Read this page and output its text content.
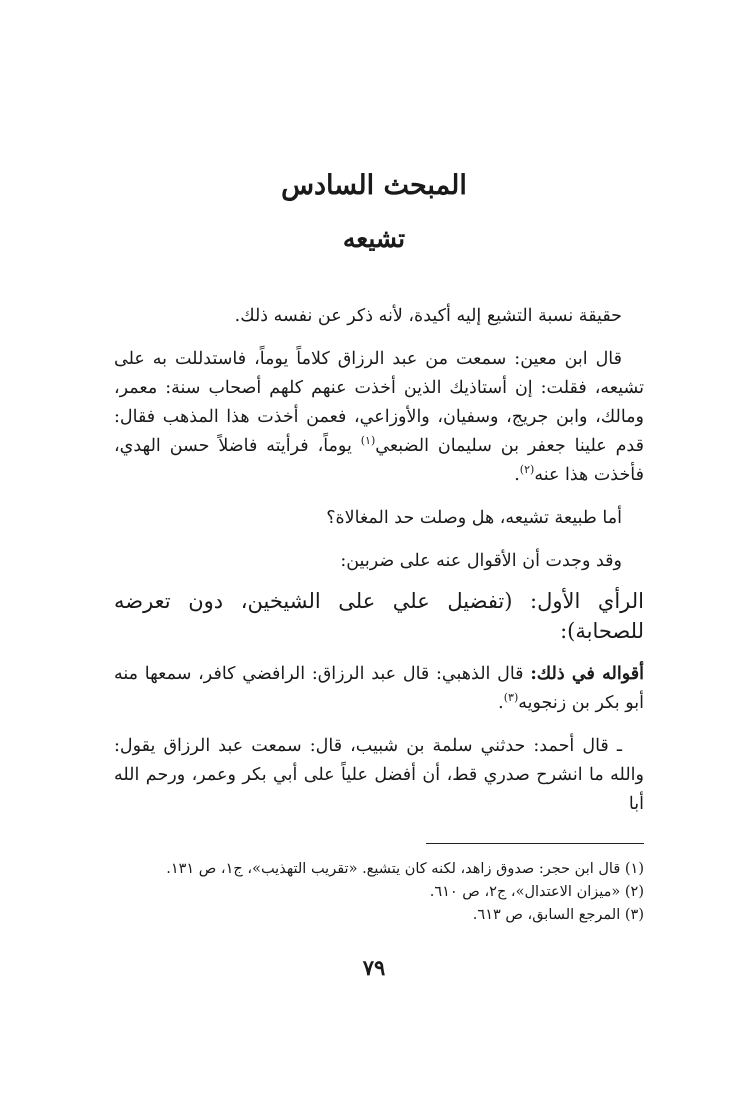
المبحث السادس
تشيعه

حقيقة نسبة التشيع إليه أكيدة، لأنه ذكر عن نفسه ذلك.

قال ابن معين: سمعت من عبد الرزاق كلاماً يوماً، فاستدللت به على تشيعه، فقلت: إن أستاذيك الذين أخذت عنهم كلهم أصحاب سنة: معمر، ومالك، وابن جريج، وسفيان، والأوزاعي، فعمن أخذت هذا المذهب فقال: قدم علينا جعفر بن سليمان الضبعي$^{(١)}$ يوماً، فرأيته فاضلاً حسن الهدي، فأخذت هذا عنه$^{(٢)}$.

أما طبيعة تشيعه، هل وصلت حد المغالاة؟

وقد وجدت أن الأقوال عنه على ضربين:

الرأي الأول: (تفضيل علي على الشيخين، دون تعرضه للصحابة):

أقواله في ذلك: قال الذهبي: قال عبد الرزاق: الرافضي كافر، سمعها منه أبو بكر بن زنجويه$^{(٣)}$.

ـ قال أحمد: حدثني سلمة بن شبيب، قال: سمعت عبد الرزاق يقول: والله ما انشرح صدري قط، أن أفضل علياً على أبي بكر وعمر، ورحم الله أبا

(١) قال ابن حجر: صدوق زاهد، لكنه كان يتشيع. «تقريب التهذيب»، ج١، ص ١٣١.
(٢) «ميزان الاعتدال»، ج٢، ص ٦١٠.
(٣) المرجع السابق، ص ٦١٣.
٧٩
